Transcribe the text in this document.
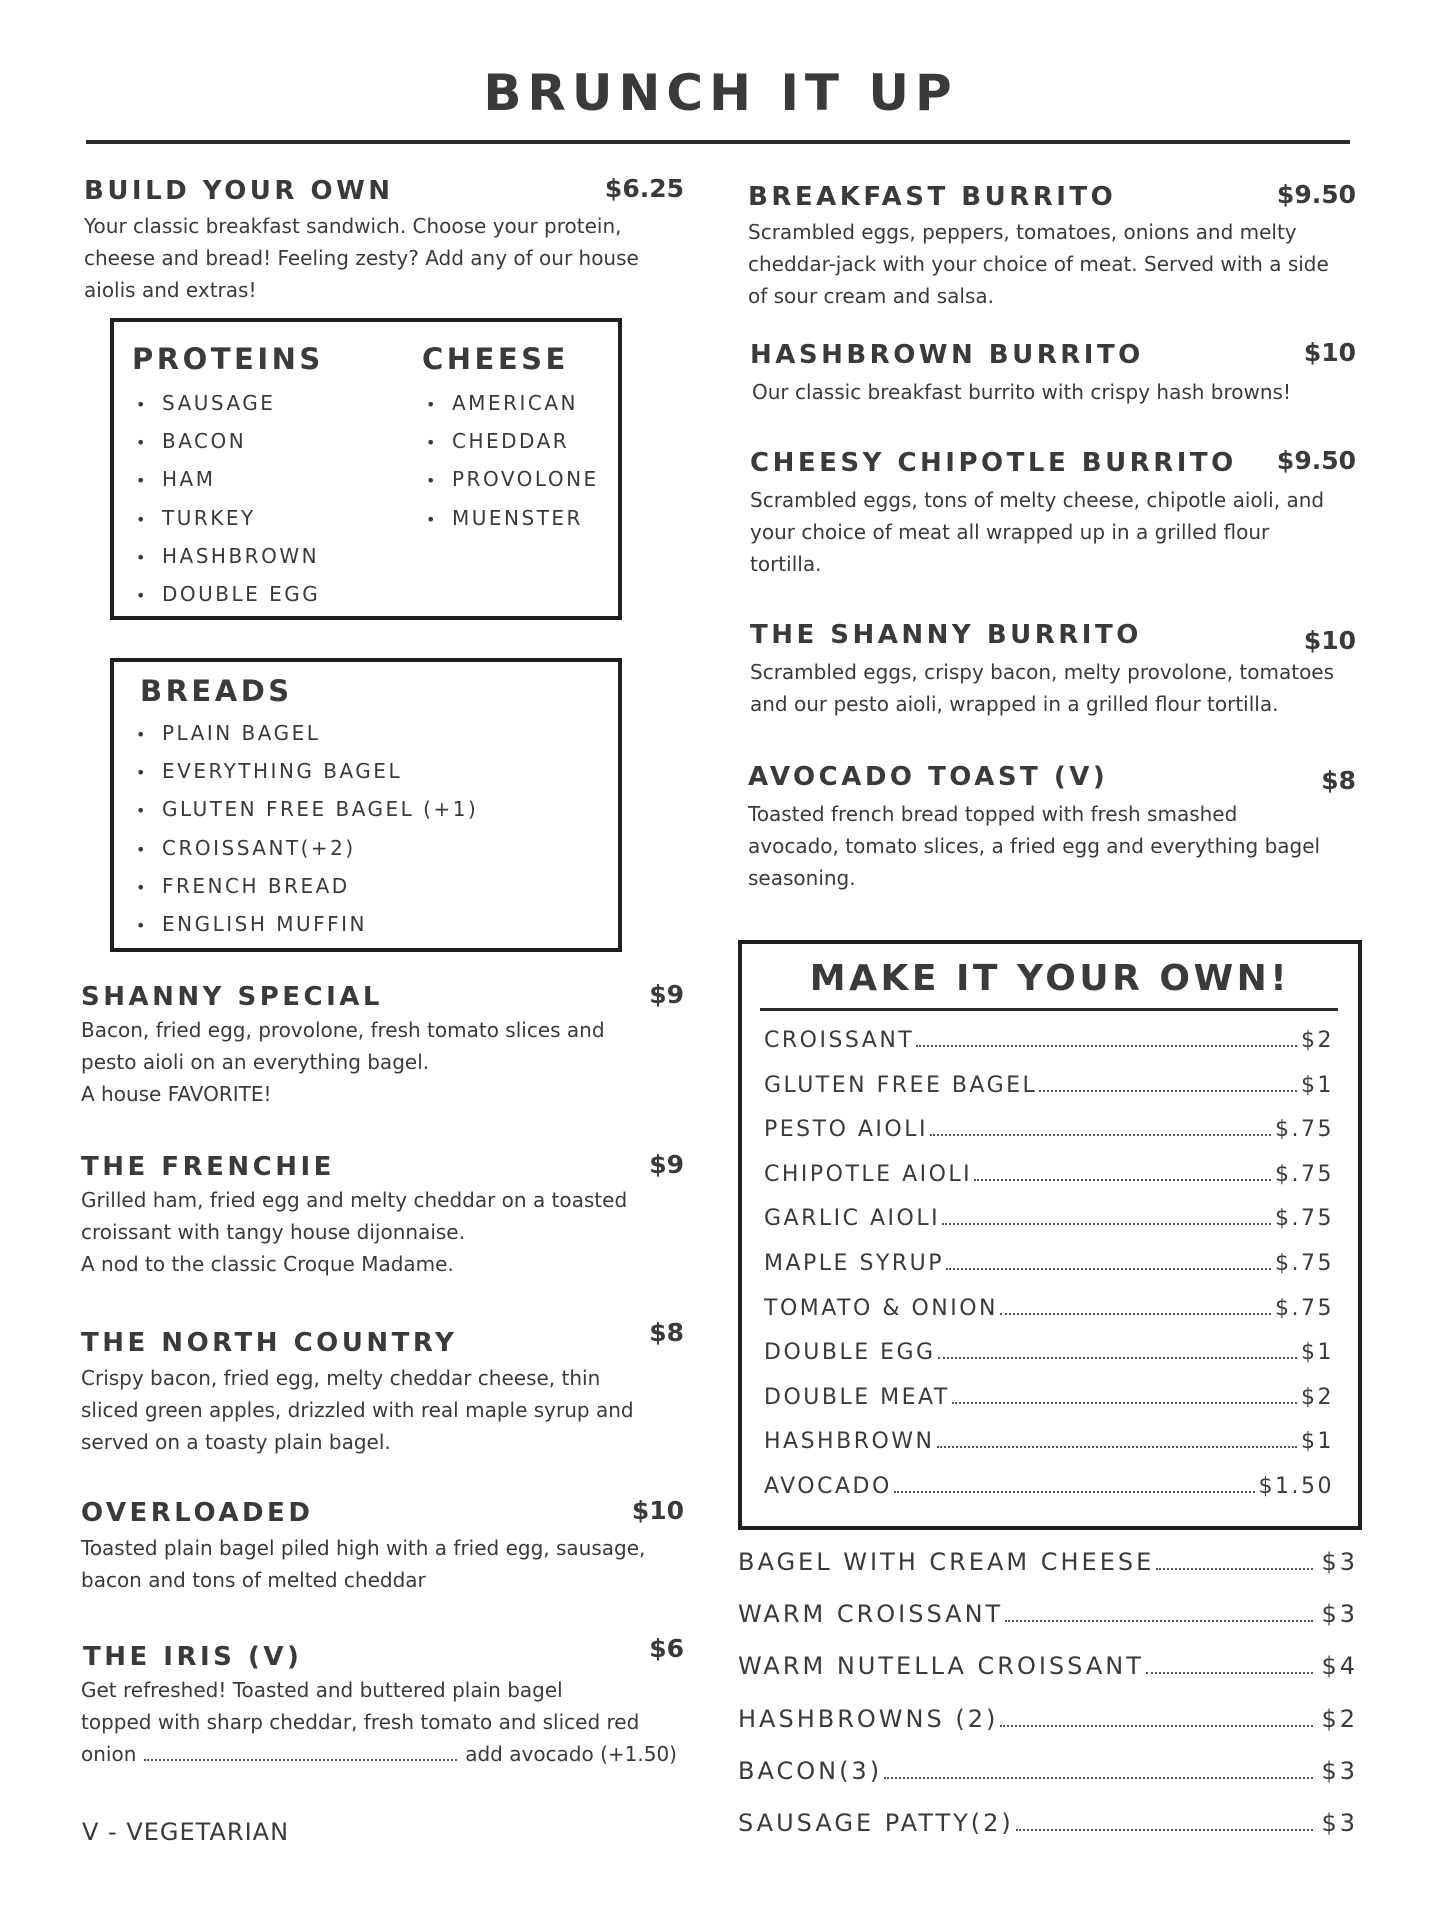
BRUNCH IT UP
BUILD YOUR OWN	$6.25
Your classic breakfast sandwich. Choose your protein,
cheese and bread! Feeling zesty? Add any of our house
aiolis and extras!
PROTEINS
• SAUSAGE
• BACON
• HAM
• TURKEY
• HASHBROWN
• DOUBLE EGG
CHEESE
• AMERICAN
• CHEDDAR
• PROVOLONE
• MUENSTER
BREADS
• PLAIN BAGEL
• EVERYTHING BAGEL
• GLUTEN FREE BAGEL (+1)
• CROISSANT(+2)
• FRENCH BREAD
• ENGLISH MUFFIN
SHANNY SPECIAL	$9
Bacon, fried egg, provolone, fresh tomato slices and
pesto aioli on an everything bagel.
A house FAVORITE!
THE FRENCHIE	$9
Grilled ham, fried egg and melty cheddar on a toasted
croissant with tangy house dijonnaise.
A nod to the classic Croque Madame.
THE NORTH COUNTRY	$8
Crispy bacon, fried egg, melty cheddar cheese, thin
sliced green apples, drizzled with real maple syrup and
served on a toasty plain bagel.
OVERLOADED	$10
Toasted plain bagel piled high with a fried egg, sausage,
bacon and tons of melted cheddar
THE IRIS (V)	$6
Get refreshed! Toasted and buttered plain bagel
topped with sharp cheddar, fresh tomato and sliced red
onion	add avocado (+1.50)
V - VEGETARIAN
BREAKFAST BURRITO	$9.50
Scrambled eggs, peppers, tomatoes, onions and melty
cheddar-jack with your choice of meat. Served with a side
of sour cream and salsa.
HASHBROWN BURRITO	$10
Our classic breakfast burrito with crispy hash browns!
CHEESY CHIPOTLE BURRITO	$9.50
Scrambled eggs, tons of melty cheese, chipotle aioli, and
your choice of meat all wrapped up in a grilled flour
tortilla.
THE SHANNY BURRITO	$10
Scrambled eggs, crispy bacon, melty provolone, tomatoes
and our pesto aioli, wrapped in a grilled flour tortilla.
AVOCADO TOAST (V)	$8
Toasted french bread topped with fresh smashed
avocado, tomato slices, a fried egg and everything bagel
seasoning.
MAKE IT YOUR OWN!
CROISSANT	$2
GLUTEN FREE BAGEL	$1
PESTO AIOLI	$.75
CHIPOTLE AIOLI	$.75
GARLIC AIOLI	$.75
MAPLE SYRUP	$.75
TOMATO & ONION	$.75
DOUBLE EGG	$1
DOUBLE MEAT	$2
HASHBROWN	$1
AVOCADO	$1.50
BAGEL WITH CREAM CHEESE	$3
WARM CROISSANT	$3
WARM NUTELLA CROISSANT	$4
HASHBROWNS (2)	$2
BACON(3)	$3
SAUSAGE PATTY(2)	$3
